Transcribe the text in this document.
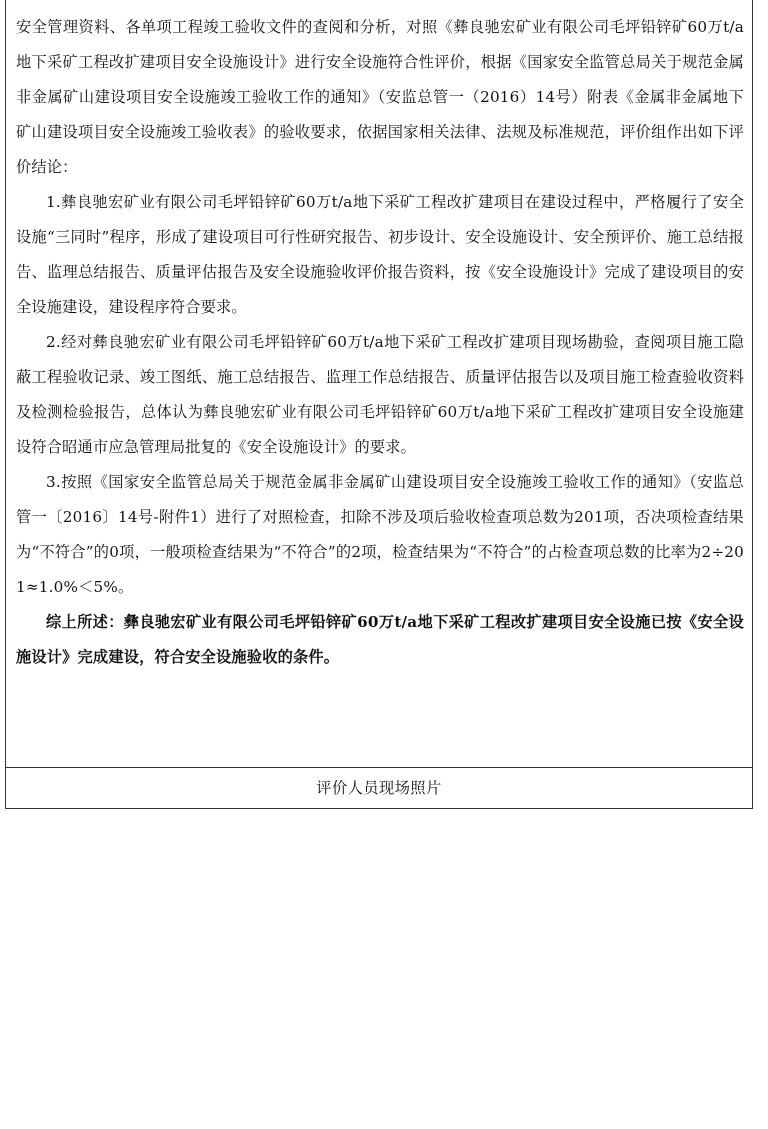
安全管理资料、各单项工程竣工验收文件的查阅和分析，对照《彝良驰宏矿业有限公司毛坪铅锌矿60万t/a地下采矿工程改扩建项目安全设施设计》进行安全设施符合性评价，根据《国家安全监管总局关于规范金属非金属矿山建设项目安全设施竣工验收工作的通知》（安监总管一（2016）14号）附表《金属非金属地下矿山建设项目安全设施竣工验收表》的验收要求，依据国家相关法律、法规及标准规范，评价组作出如下评价结论：

1.彝良驰宏矿业有限公司毛坪铅锌矿60万t/a地下采矿工程改扩建项目在建设过程中，严格履行了安全设施“三同时”程序，形成了建设项目可行性研究报告、初步设计、安全设施设计、安全预评价、施工总结报告、监理总结报告、质量评估报告及安全设施验收评价报告资料，按《安全设施设计》完成了建设项目的安全设施建设，建设程序符合要求。

2.经对彝良驰宏矿业有限公司毛坪铅锌矿60万t/a地下采矿工程改扩建项目现场勘验，查阅项目施工隐蔽工程验收记录、竣工图纸、施工总结报告、监理工作总结报告、质量评估报告以及项目施工检查验收资料及检测检验报告，总体认为彝良驰宏矿业有限公司毛坪铅锌矿60万t/a地下采矿工程改扩建项目安全设施建设符合昭通市应急管理局批复的《安全设施设计》的要求。

3.按照《国家安全监管总局关于规范金属非金属矿山建设项目安全设施竣工验收工作的通知》（安监总管一〔2016〕14号-附件1）进行了对照检查，扣除不涉及项后验收检查项总数为201项，否决项检查结果为“不符合”的0项，一般项检查结果为“不符合”的2项，检查结果为“不符合”的占检查项总数的比率为2÷201≈1.0%＜5%。

综上所述：彝良驰宏矿业有限公司毛坪铅锌矿60万t/a地下采矿工程改扩建项目安全设施已按《安全设施设计》完成建设，符合安全设施验收的条件。

评价人员现场照片
